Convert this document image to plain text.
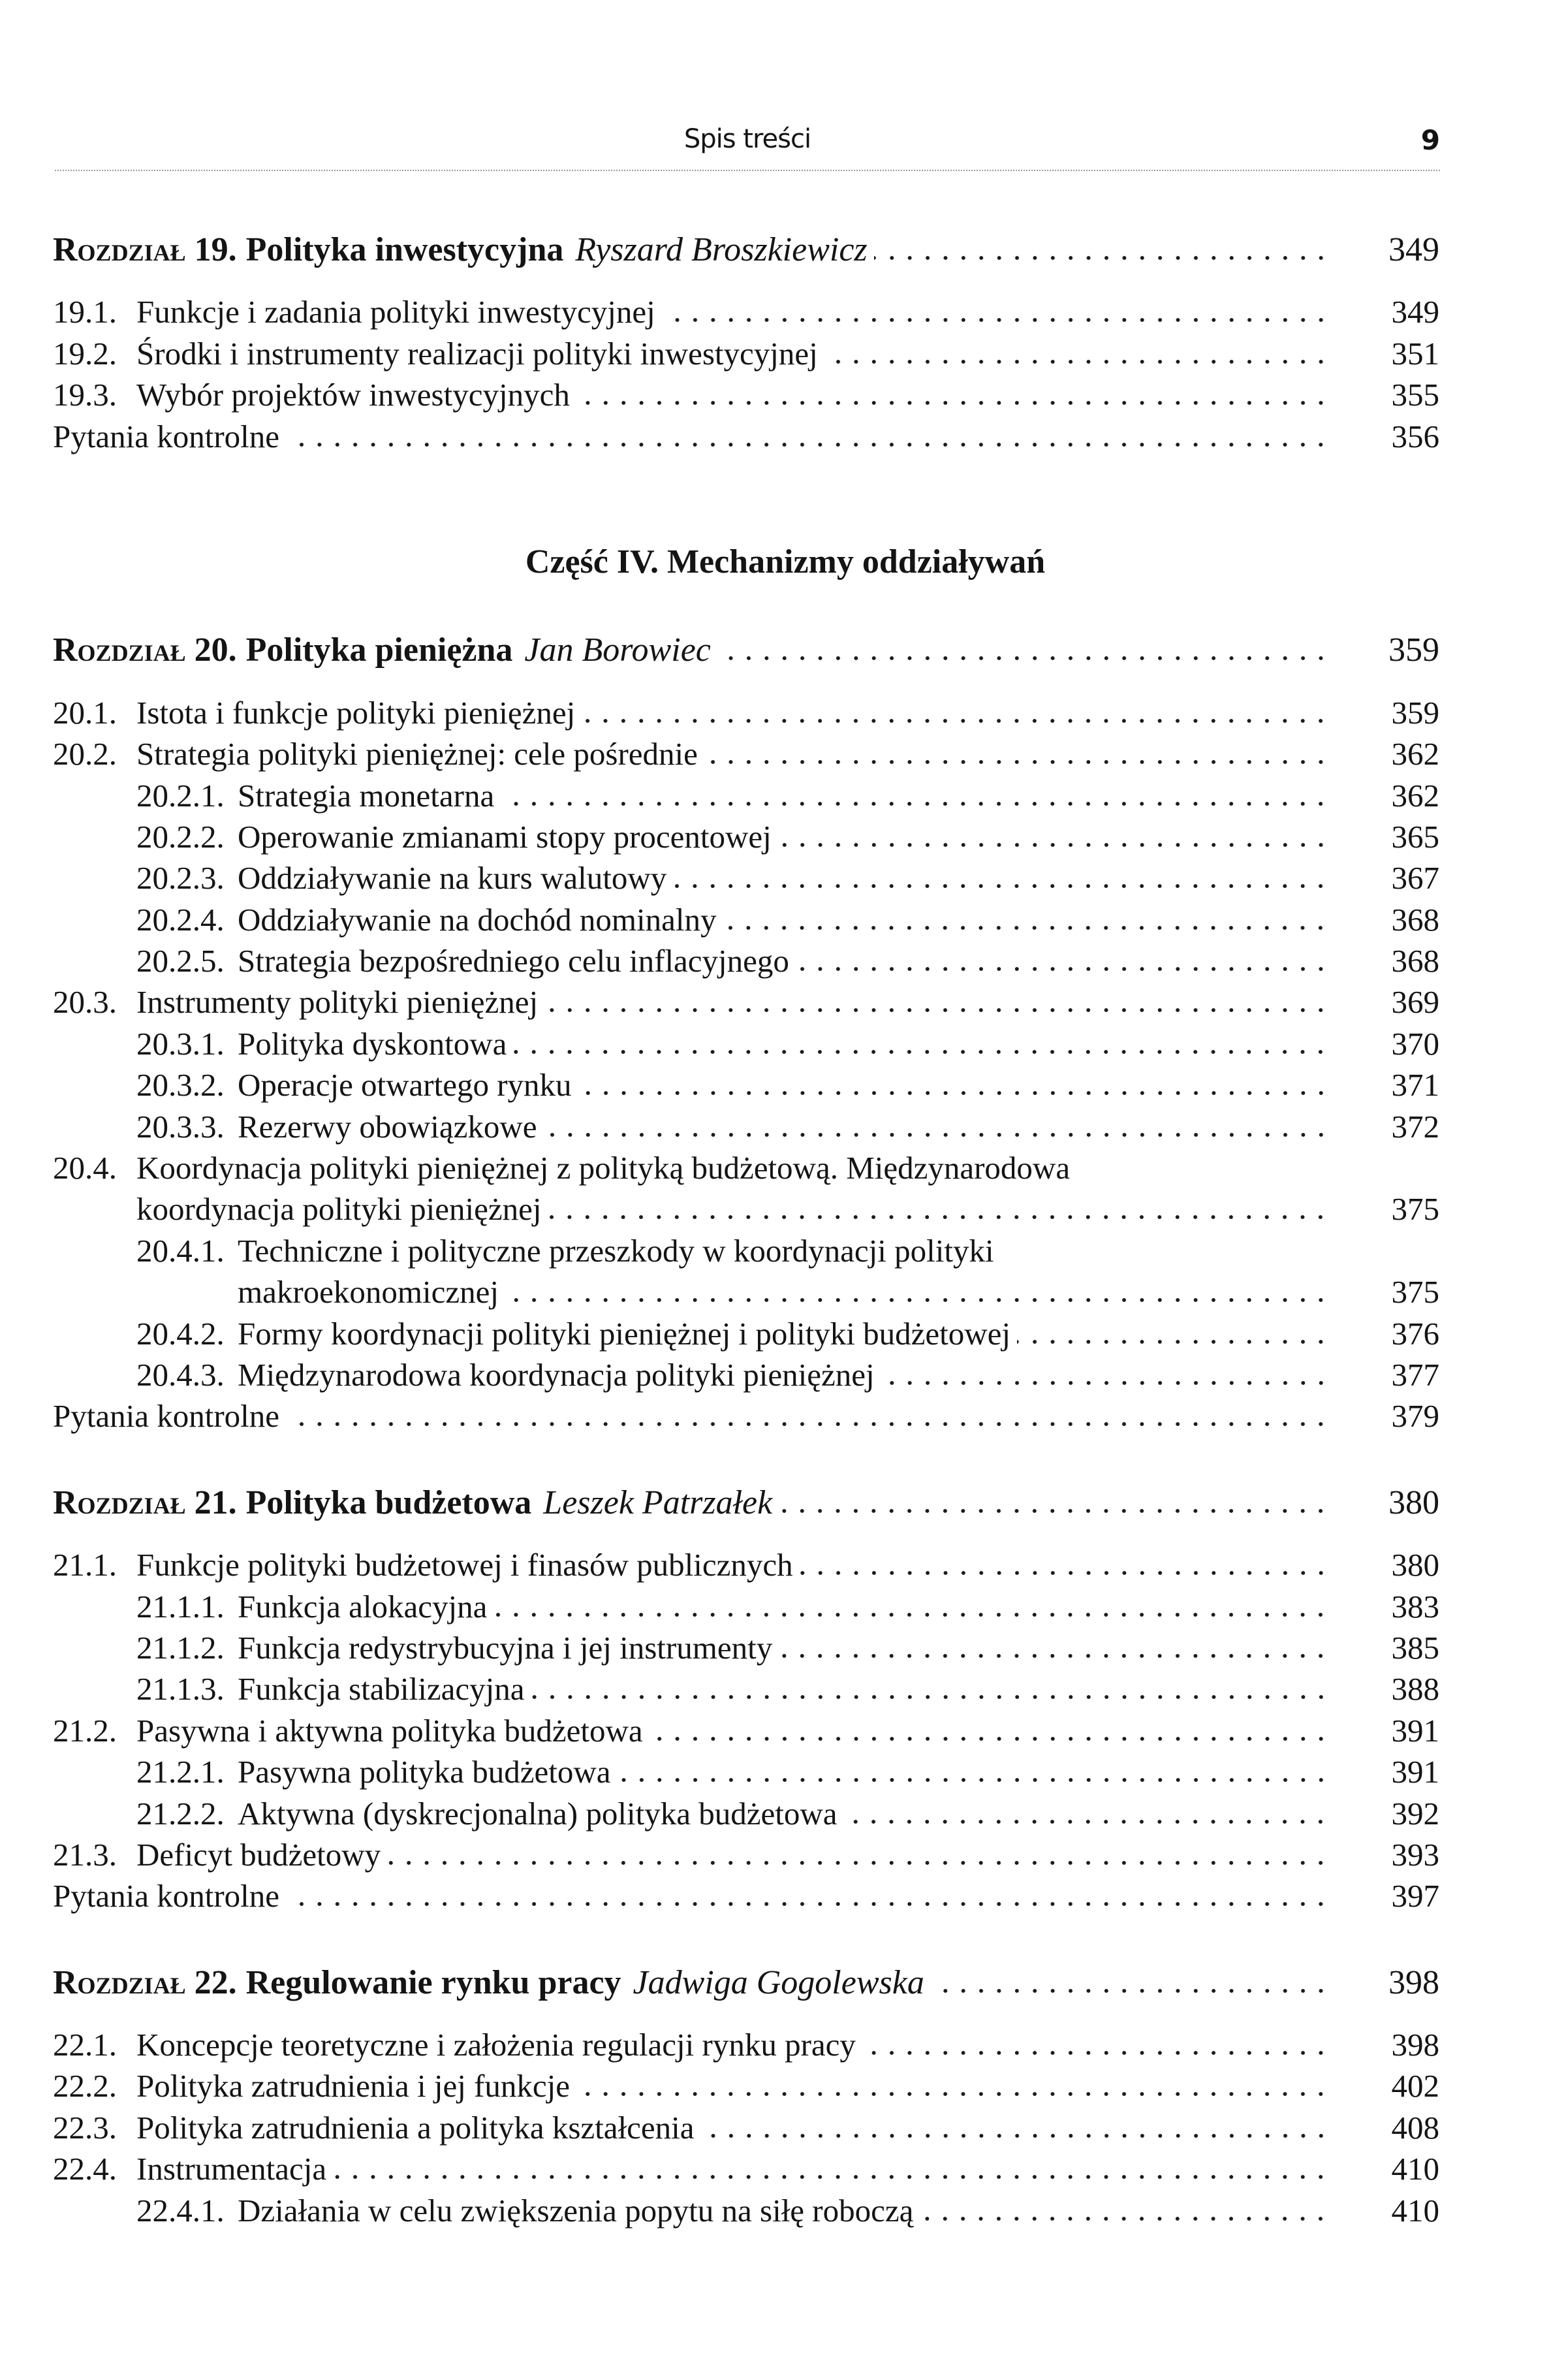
Spis treści	9
Rozdział 19. Polityka inwestycyjna Ryszard Broszkiewicz	349
19.1. Funkcje i zadania polityki inwestycyjnej	349
19.2. Środki i instrumenty realizacji polityki inwestycyjnej	351
19.3. Wybór projektów inwestycyjnych	355
Pytania kontrolne	356
Część IV. Mechanizmy oddziaływań
Rozdział 20. Polityka pieniężna Jan Borowiec	359
20.1. Istota i funkcje polityki pieniężnej	359
20.2. Strategia polityki pieniężnej: cele pośrednie	362
20.2.1. Strategia monetarna	362
20.2.2. Operowanie zmianami stopy procentowej	365
20.2.3. Oddziaływanie na kurs walutowy	367
20.2.4. Oddziaływanie na dochód nominalny	368
20.2.5. Strategia bezpośredniego celu inflacyjnego	368
20.3. Instrumenty polityki pieniężnej	369
20.3.1. Polityka dyskontowa	370
20.3.2. Operacje otwartego rynku	371
20.3.3. Rezerwy obowiązkowe	372
20.4. Koordynacja polityki pieniężnej z polityką budżetową. Międzynarodowa
koordynacja polityki pieniężnej	375
20.4.1. Techniczne i polityczne przeszkody w koordynacji polityki
makroekonomicznej	375
20.4.2. Formy koordynacji polityki pieniężnej i polityki budżetowej	376
20.4.3. Międzynarodowa koordynacja polityki pieniężnej	377
Pytania kontrolne	379
Rozdział 21. Polityka budżetowa Leszek Patrzałek	380
21.1. Funkcje polityki budżetowej i finasów publicznych	380
21.1.1. Funkcja alokacyjna	383
21.1.2. Funkcja redystrybucyjna i jej instrumenty	385
21.1.3. Funkcja stabilizacyjna	388
21.2. Pasywna i aktywna polityka budżetowa	391
21.2.1. Pasywna polityka budżetowa	391
21.2.2. Aktywna (dyskrecjonalna) polityka budżetowa	392
21.3. Deficyt budżetowy	393
Pytania kontrolne	397
Rozdział 22. Regulowanie rynku pracy Jadwiga Gogolewska	398
22.1. Koncepcje teoretyczne i założenia regulacji rynku pracy	398
22.2. Polityka zatrudnienia i jej funkcje	402
22.3. Polityka zatrudnienia a polityka kształcenia	408
22.4. Instrumentacja	410
22.4.1. Działania w celu zwiększenia popytu na siłę roboczą	410
